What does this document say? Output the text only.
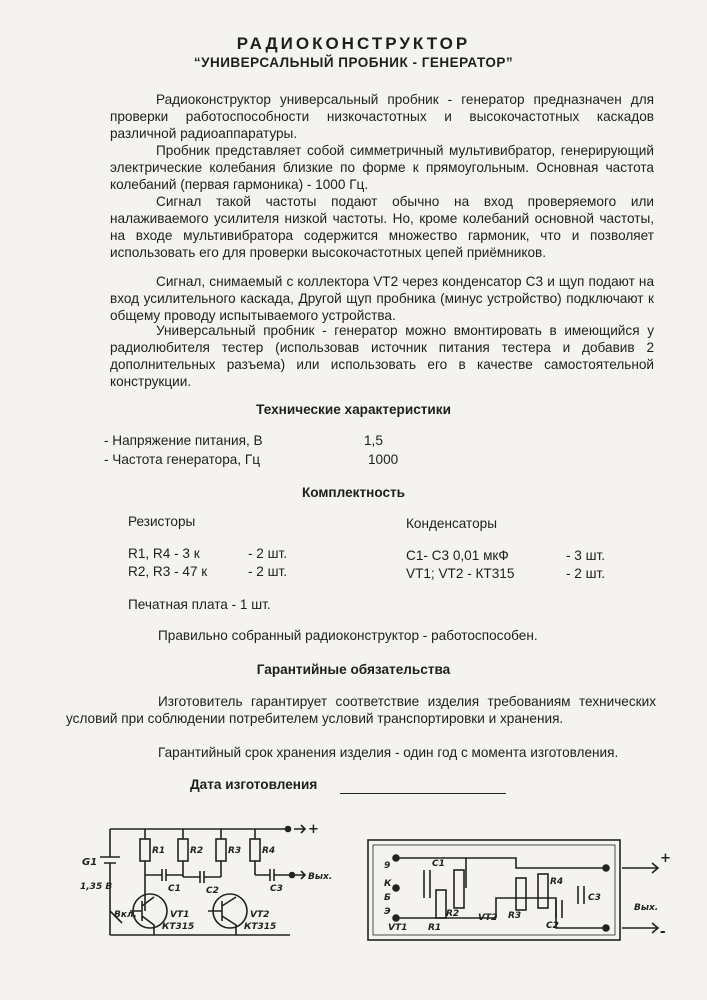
РАДИОКОНСТРУКТОР
“УНИВЕРСАЛЬНЫЙ ПРОБНИК - ГЕНЕРАТОР”
Радиоконструктор универсальный пробник - генератор предназначен для проверки работоспособности низкочастотных и высокочастотных каскадов различной радиоаппаратуры.
Пробник представляет собой симметричный мультивибратор, генерирующий электрические колебания близкие по форме к прямоугольным. Основная частота колебаний (первая гармоника) - 1000 Гц.
Сигнал такой частоты подают обычно на вход проверяемого или налаживаемого усилителя низкой частоты. Но, кроме колебаний основной частоты, на входе мультивибратора содержится множество гармоник, что и позволяет использовать его для проверки высокочастотных цепей приёмников.
Сигнал, снимаемый с коллектора VT2 через конденсатор С3 и щуп подают на вход усилительного каскада, Другой щуп пробника (минус устройство) подключают к общему проводу испытываемого устройства.
Универсальный пробник - генератор можно вмонтировать в имеющийся у радиолюбителя тестер (использовав источник питания тестера и добавив 2 дополнительных разъема) или использовать его в качестве самостоятельной конструкции.
Технические характеристики
- Напряжение питания, В	1,5
- Частота генератора, Гц	1000
Комплектность
Резисторы	Конденсаторы
R1, R4 - 3 к	- 2 шт.
R2, R3 - 47 к	- 2 шт.
С1- С3 0,01 мкФ	- 3 шт.
VT1; VT2 - КТ315	- 2 шт.
Печатная плата - 1 шт.
Правильно собранный радиоконструктор - работоспособен.
Гарантийные обязательства
Изготовитель гарантирует соответствие изделия требованиям технических условий при соблюдении потребителем условий транспортировки и хранения.
Гарантийный срок хранения изделия - один год с момента изготовления.
Дата изготовления
G1
1,35 В
Вкл.
R1	R2	R3 R4
C1	C2	C3
VT1
КТ315
VT2
КТ315
+
Вых.
9
К
Б
Э
VT1 R1
R2
C1
VT2 R3
R4
C2
C3
+
Вых.
-
